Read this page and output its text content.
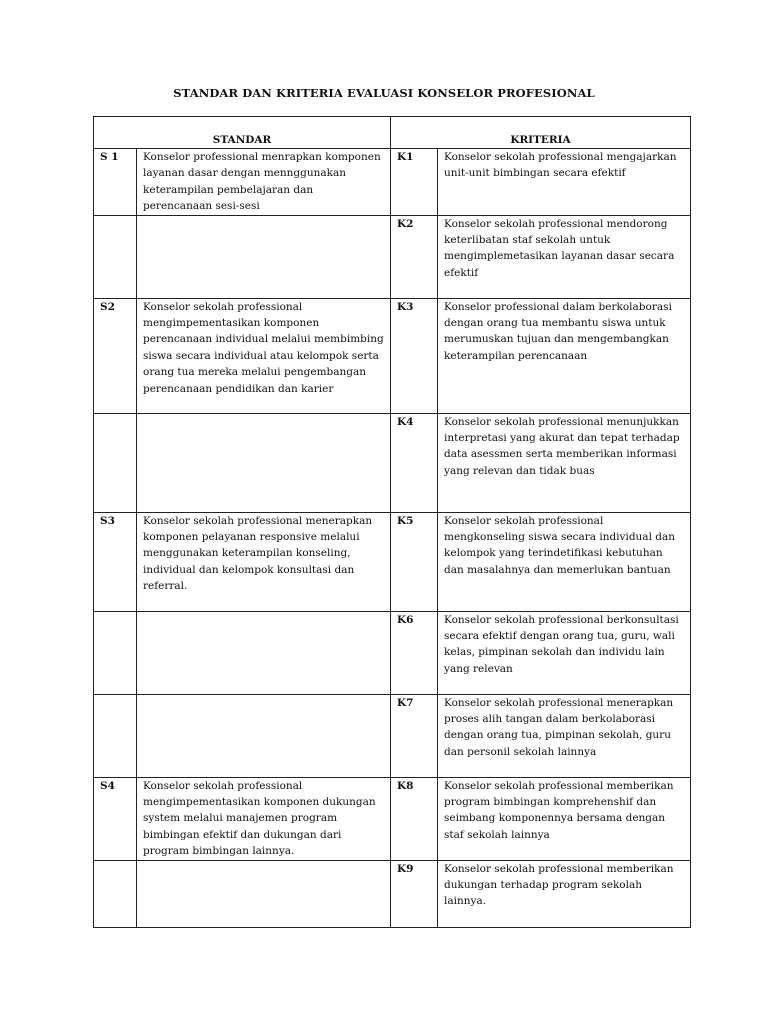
STANDAR DAN KRITERIA EVALUASI KONSELOR PROFESIONAL
STANDAR		KRITERIA	
S 1	Konselor professional menrapkan komponen layanan dasar dengan mennggunakan keterampilan pembelajaran dan perencanaan sesi-sesi	K1	Konselor sekolah professional mengajarkan unit-unit bimbingan secara efektif
		K2	Konselor sekolah professional mendorong keterlibatan staf sekolah untuk mengimplemetasikan layanan dasar secara efektif
S2	Konselor sekolah professional mengimpementasikan komponen perencanaan individual melalui membimbing siswa secara individual atau kelompok serta orang tua mereka melalui pengembangan perencanaan pendidikan dan karier	K3	Konselor professional dalam berkolaborasi dengan orang tua membantu siswa untuk merumuskan tujuan dan mengembangkan keterampilan perencanaan
		K4	Konselor sekolah professional menunjukkan interpretasi yang akurat dan tepat terhadap data asessmen serta memberikan informasi yang relevan dan tidak buas
S3	Konselor sekolah professional menerapkan komponen pelayanan responsive melalui menggunakan keterampilan konseling, individual dan kelompok konsultasi dan referral.	K5	Konselor sekolah professional mengkonseling siswa secara individual dan kelompok yang terindetifikasi kebutuhan dan masalahnya dan memerlukan bantuan
		K6	Konselor sekolah professional berkonsultasi secara efektif dengan orang tua, guru, wali kelas, pimpinan sekolah dan individu lain yang relevan
		K7	Konselor sekolah professional menerapkan proses alih tangan dalam berkolaborasi dengan orang tua, pimpinan sekolah, guru dan personil sekolah lainnya
S4	Konselor sekolah professional mengimpementasikan komponen dukungan system melalui manajemen program bimbingan efektif dan dukungan dari program bimbingan lainnya.	K8	Konselor sekolah professional memberikan program bimbingan komprehenshif dan seimbang komponennya bersama dengan staf sekolah lainnya
		K9	Konselor sekolah professional memberikan dukungan terhadap program sekolah lainnya.
